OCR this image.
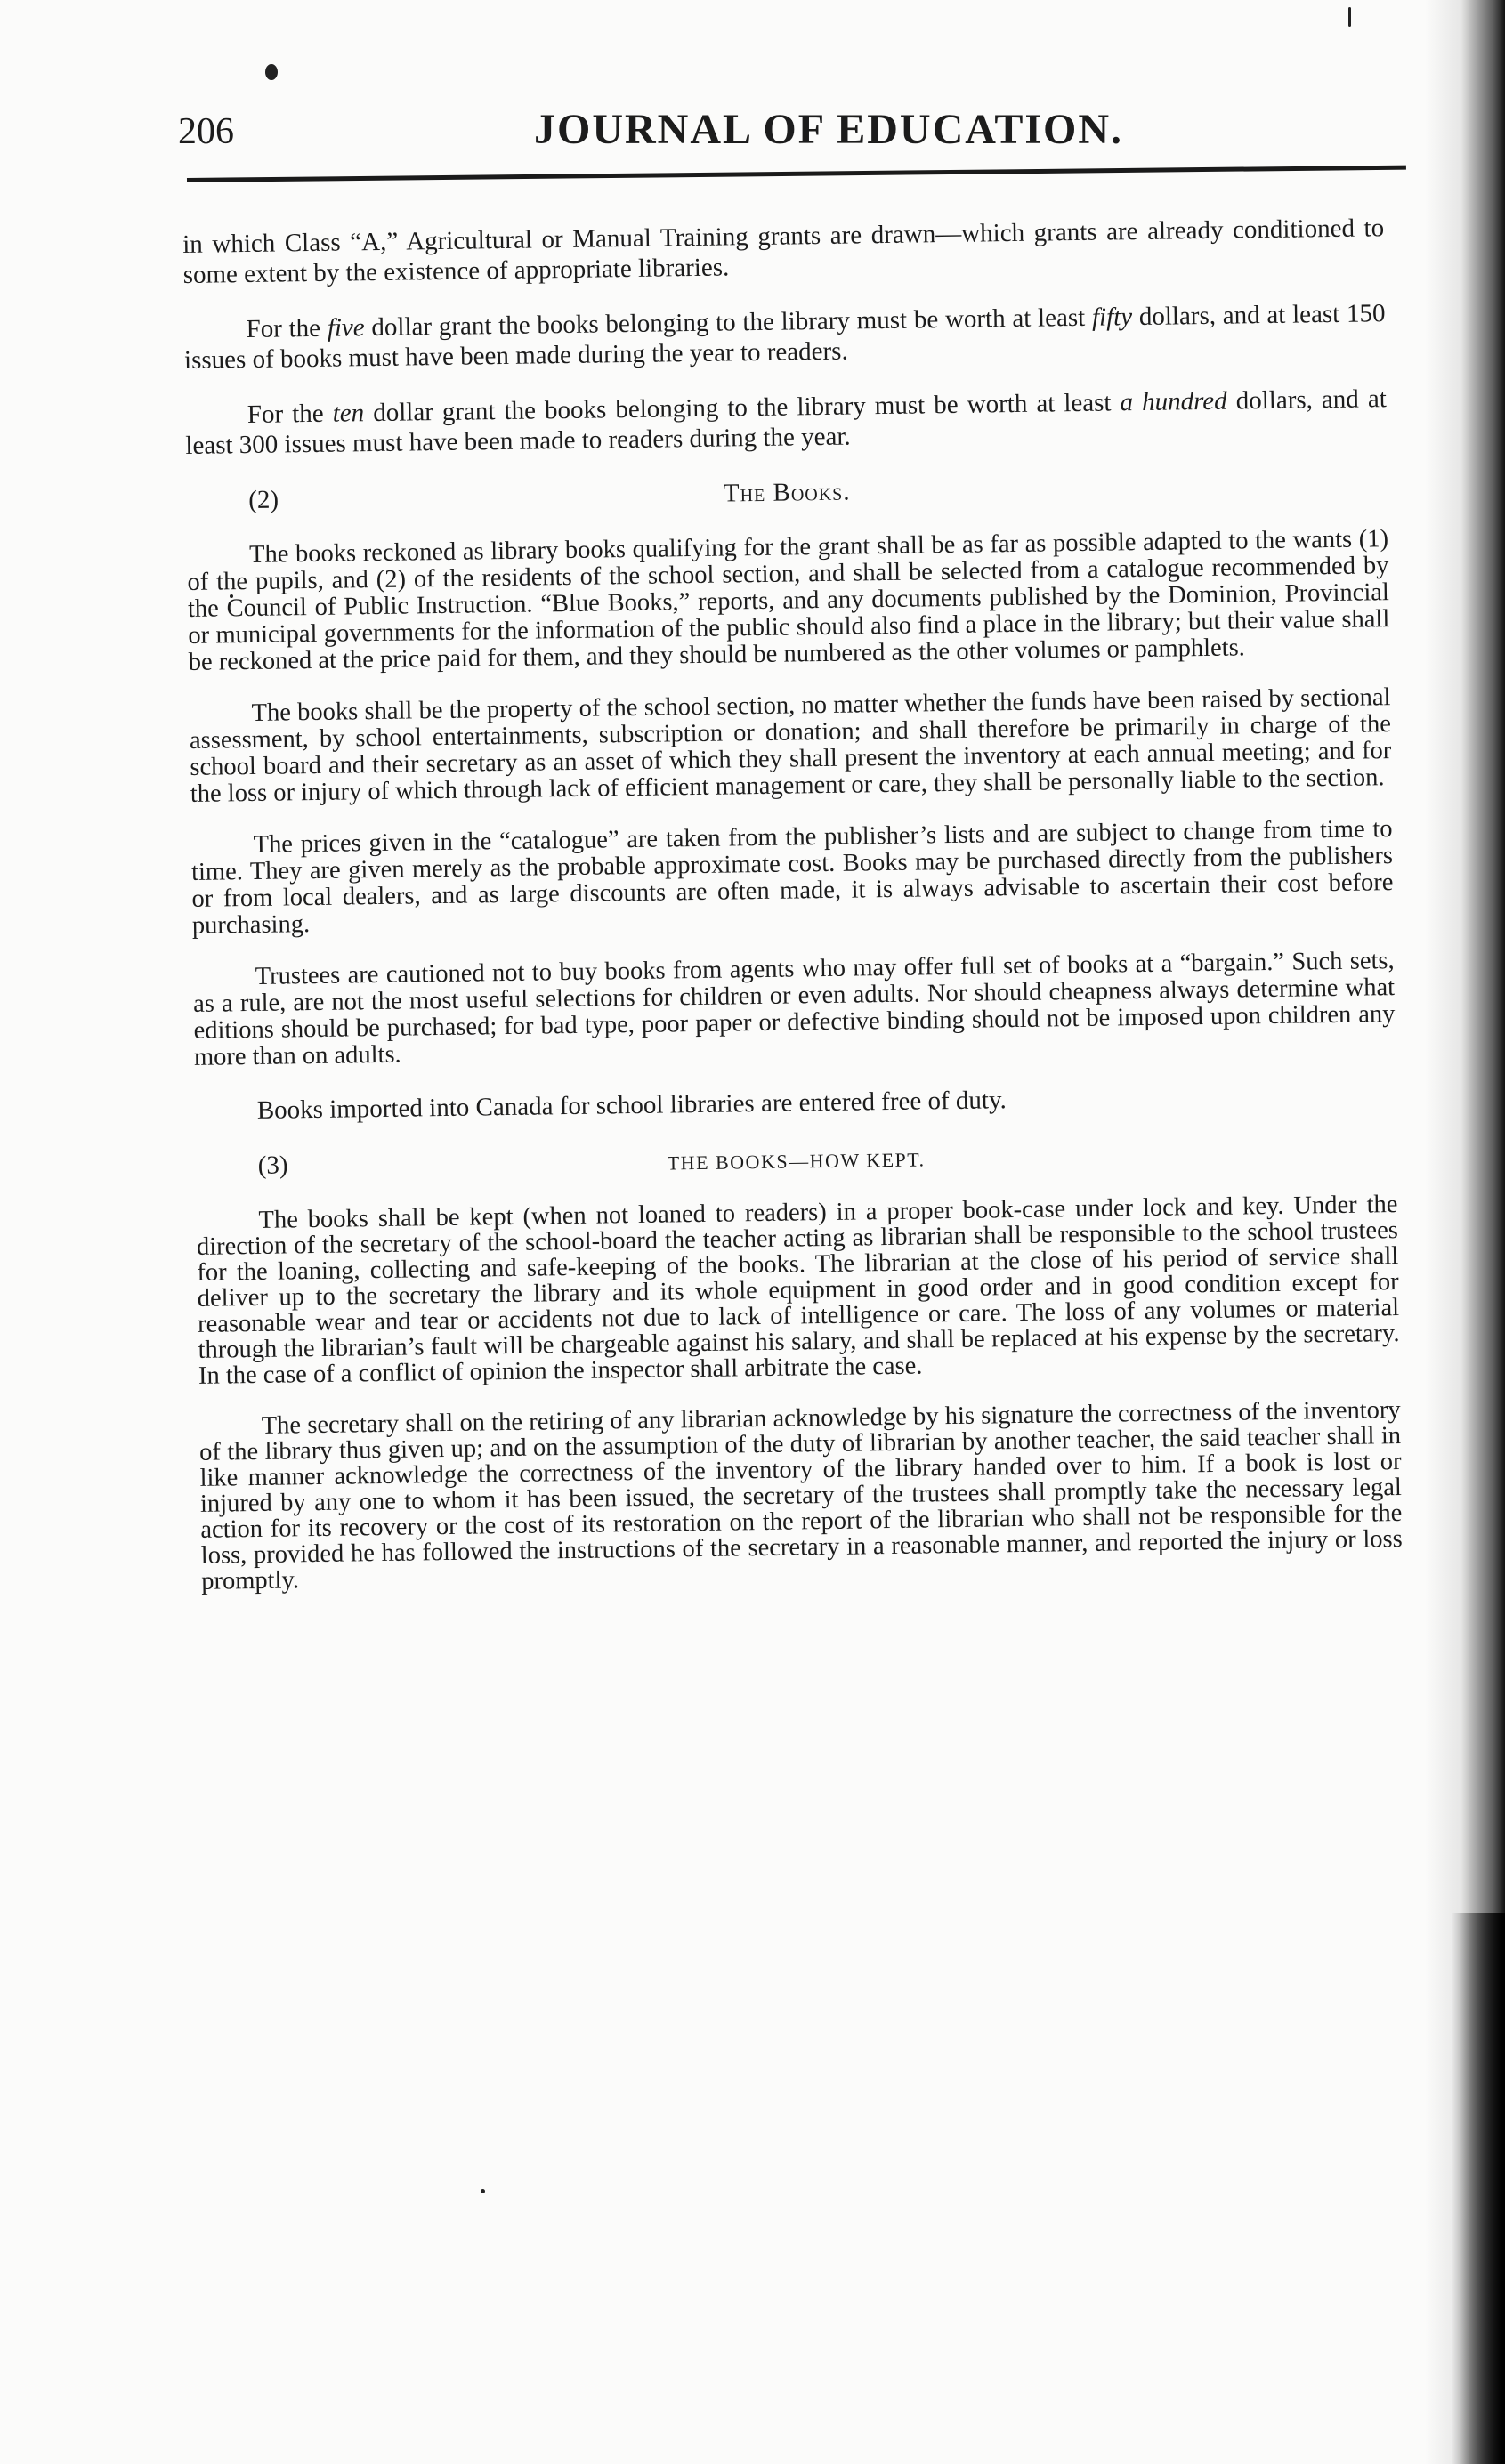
206	JOURNAL OF EDUCATION.

in which Class “A,” Agricultural or Manual Training grants are drawn—which grants are already conditioned to some extent by the existence of appropriate libraries.

For the five dollar grant the books belonging to the library must be worth at least fifty dollars, and at least 150 issues of books must have been made during the year to readers.

For the ten dollar grant the books belonging to the library must be worth at least a hundred dollars, and at least 300 issues must have been made to readers during the year.

(2)	The Books.

The books reckoned as library books qualifying for the grant shall be as far as possible adapted to the wants (1) of the pupils, and (2) of the residents of the school section, and shall be selected from a catalogue recommended by the Council of Public Instruction. “Blue Books,” reports, and any documents published by the Dominion, Provincial or municipal governments for the information of the public should also find a place in the library; but their value shall be reckoned at the price paid for them, and they should be numbered as the other volumes or pamphlets.

The books shall be the property of the school section, no matter whether the funds have been raised by sectional assessment, by school entertainments, subscription or donation; and shall therefore be primarily in charge of the school board and their secretary as an asset of which they shall present the inventory at each annual meeting; and for the loss or injury of which through lack of efficient management or care, they shall be personally liable to the section.

The prices given in the “catalogue” are taken from the publisher’s lists and are subject to change from time to time. They are given merely as the probable approximate cost. Books may be purchased directly from the publishers or from local dealers, and as large discounts are often made, it is always advisable to ascertain their cost before purchasing.

Trustees are cautioned not to buy books from agents who may offer full set of books at a “bargain.” Such sets, as a rule, are not the most useful selections for children or even adults. Nor should cheapness always determine what editions should be purchased; for bad type, poor paper or defective binding should not be imposed upon children any more than on adults.

Books imported into Canada for school libraries are entered free of duty.

(3)	THE BOOKS—HOW KEPT.

The books shall be kept (when not loaned to readers) in a proper book-case under lock and key. Under the direction of the secretary of the school-board the teacher acting as librarian shall be responsible to the school trustees for the loaning, collecting and safe-keeping of the books. The librarian at the close of his period of service shall deliver up to the secretary the library and its whole equipment in good order and in good condition except for reasonable wear and tear or accidents not due to lack of intelligence or care. The loss of any volumes or material through the librarian’s fault will be chargeable against his salary, and shall be replaced at his expense by the secretary. In the case of a conflict of opinion the inspector shall arbitrate the case.

The secretary shall on the retiring of any librarian acknowledge by his signature the correctness of the inventory of the library thus given up; and on the assumption of the duty of librarian by another teacher, the said teacher shall in like manner acknowledge the correctness of the inventory of the library handed over to him. If a book is lost or injured by any one to whom it has been issued, the secretary of the trustees shall promptly take the necessary legal action for its recovery or the cost of its restoration on the report of the librarian who shall not be responsible for the loss, provided he has followed the instructions of the secretary in a reasonable manner, and reported the injury or loss promptly.
